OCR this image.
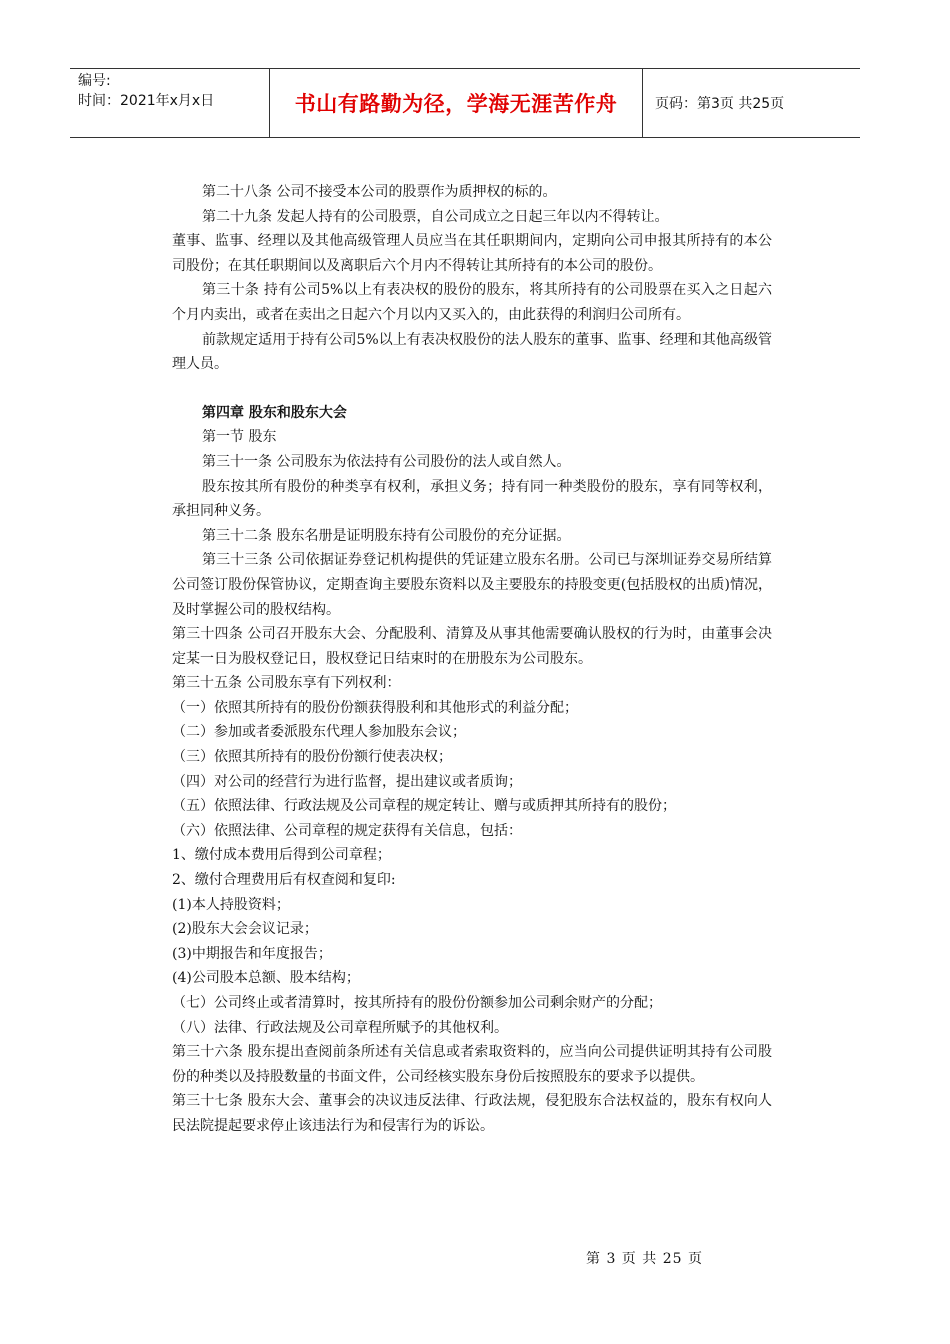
编号:
时间：2021年x月x日	书山有路勤为径，学海无涯苦作舟	页码：第3页 共25页

第二十八条 公司不接受本公司的股票作为质押权的标的。

第二十九条 发起人持有的公司股票，自公司成立之日起三年以内不得转让。

董事、监事、经理以及其他高级管理人员应当在其任职期间内，定期向公司申报其所持有的本公司股份；在其任职期间以及离职后六个月内不得转让其所持有的本公司的股份。

第三十条 持有公司5%以上有表决权的股份的股东，将其所持有的公司股票在买入之日起六个月内卖出，或者在卖出之日起六个月以内又买入的，由此获得的利润归公司所有。

前款规定适用于持有公司5%以上有表决权股份的法人股东的董事、监事、经理和其他高级管理人员。

第四章 股东和股东大会

第一节 股东

第三十一条 公司股东为依法持有公司股份的法人或自然人。

股东按其所有股份的种类享有权利，承担义务；持有同一种类股份的股东，享有同等权利，承担同种义务。

第三十二条 股东名册是证明股东持有公司股份的充分证据。

第三十三条 公司依据证券登记机构提供的凭证建立股东名册。公司已与深圳证券交易所结算公司签订股份保管协议，定期查询主要股东资料以及主要股东的持股变更(包括股权的出质)情况，及时掌握公司的股权结构。

第三十四条 公司召开股东大会、分配股利、清算及从事其他需要确认股权的行为时，由董事会决定某一日为股权登记日，股权登记日结束时的在册股东为公司股东。

第三十五条 公司股东享有下列权利：

（一）依照其所持有的股份份额获得股利和其他形式的利益分配；

（二）参加或者委派股东代理人参加股东会议；

（三）依照其所持有的股份份额行使表决权；

（四）对公司的经营行为进行监督，提出建议或者质询；

（五）依照法律、行政法规及公司章程的规定转让、赠与或质押其所持有的股份；

（六）依照法律、公司章程的规定获得有关信息，包括：

1、缴付成本费用后得到公司章程；

2、缴付合理费用后有权查阅和复印:

(1)本人持股资料；

(2)股东大会会议记录；

(3)中期报告和年度报告；

(4)公司股本总额、股本结构；

（七）公司终止或者清算时，按其所持有的股份份额参加公司剩余财产的分配；

（八）法律、行政法规及公司章程所赋予的其他权利。

第三十六条 股东提出查阅前条所述有关信息或者索取资料的，应当向公司提供证明其持有公司股份的种类以及持股数量的书面文件，公司经核实股东身份后按照股东的要求予以提供。

第三十七条 股东大会、董事会的决议违反法律、行政法规，侵犯股东合法权益的，股东有权向人民法院提起要求停止该违法行为和侵害行为的诉讼。

第 3 页 共 25 页
